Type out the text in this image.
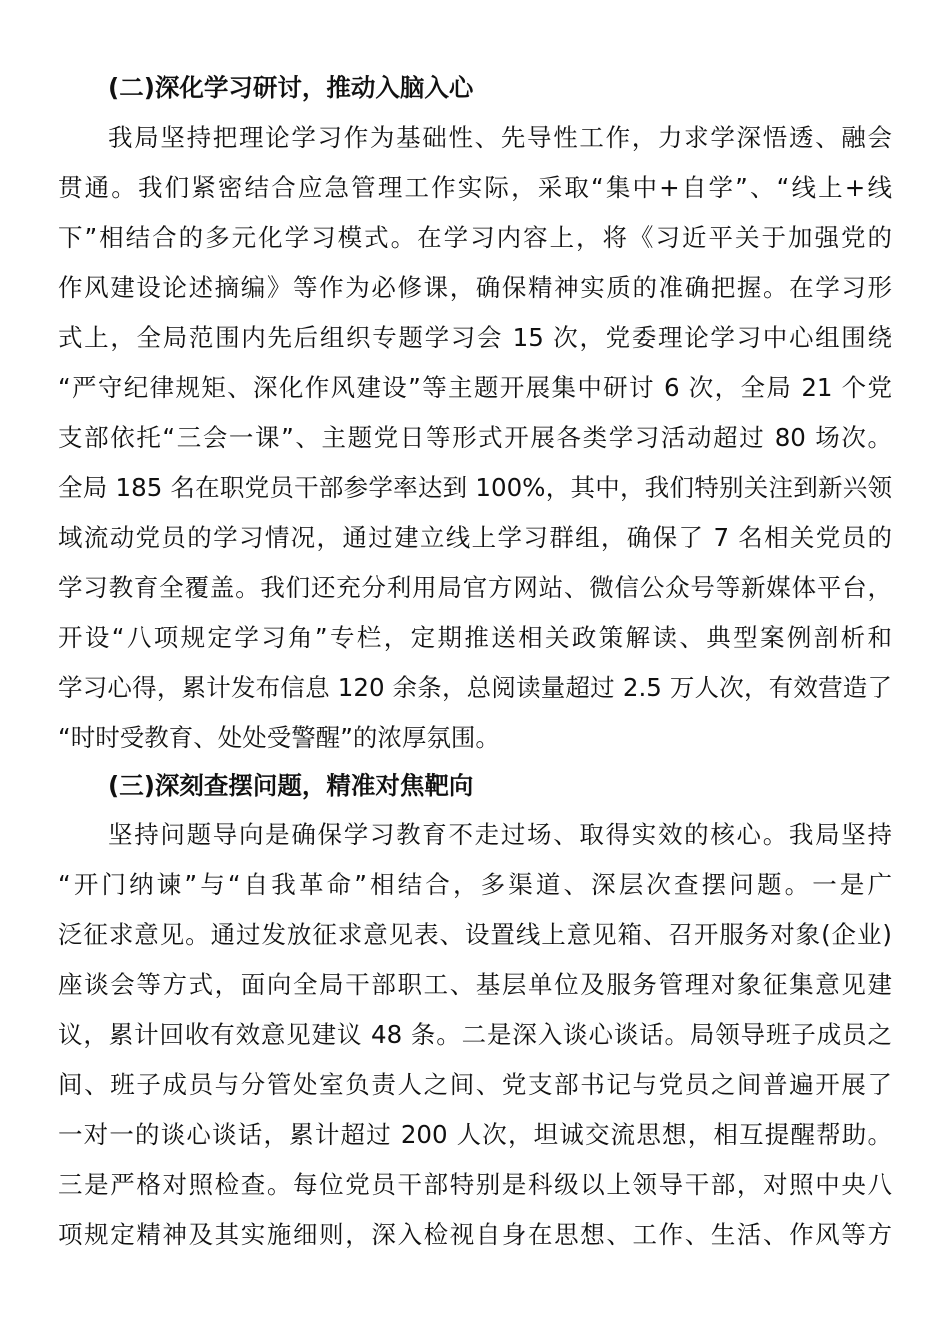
(二)深化学习研讨，推动入脑入心
我局坚持把理论学习作为基础性、先导性工作，力求学深悟透、融会
贯通。我们紧密结合应急管理工作实际，采取“集中+自学”、“线上+线
下”相结合的多元化学习模式。在学习内容上，将《习近平关于加强党的
作风建设论述摘编》等作为必修课，确保精神实质的准确把握。在学习形
式上，全局范围内先后组织专题学习会 15 次，党委理论学习中心组围绕
“严守纪律规矩、深化作风建设”等主题开展集中研讨 6 次，全局 21 个党
支部依托“三会一课”、主题党日等形式开展各类学习活动超过 80 场次。
全局 185 名在职党员干部参学率达到 100%，其中，我们特别关注到新兴领
域流动党员的学习情况，通过建立线上学习群组，确保了 7 名相关党员的
学习教育全覆盖。我们还充分利用局官方网站、微信公众号等新媒体平台，
开设“八项规定学习角”专栏，定期推送相关政策解读、典型案例剖析和
学习心得，累计发布信息 120 余条，总阅读量超过 2.5 万人次，有效营造了
“时时受教育、处处受警醒”的浓厚氛围。
(三)深刻查摆问题，精准对焦靶向
坚持问题导向是确保学习教育不走过场、取得实效的核心。我局坚持
“开门纳谏”与“自我革命”相结合，多渠道、深层次查摆问题。一是广
泛征求意见。通过发放征求意见表、设置线上意见箱、召开服务对象(企业)
座谈会等方式，面向全局干部职工、基层单位及服务管理对象征集意见建
议，累计回收有效意见建议 48 条。二是深入谈心谈话。局领导班子成员之
间、班子成员与分管处室负责人之间、党支部书记与党员之间普遍开展了
一对一的谈心谈话，累计超过 200 人次，坦诚交流思想，相互提醒帮助。
三是严格对照检查。每位党员干部特别是科级以上领导干部，对照中央八
项规定精神及其实施细则，深入检视自身在思想、工作、生活、作风等方
